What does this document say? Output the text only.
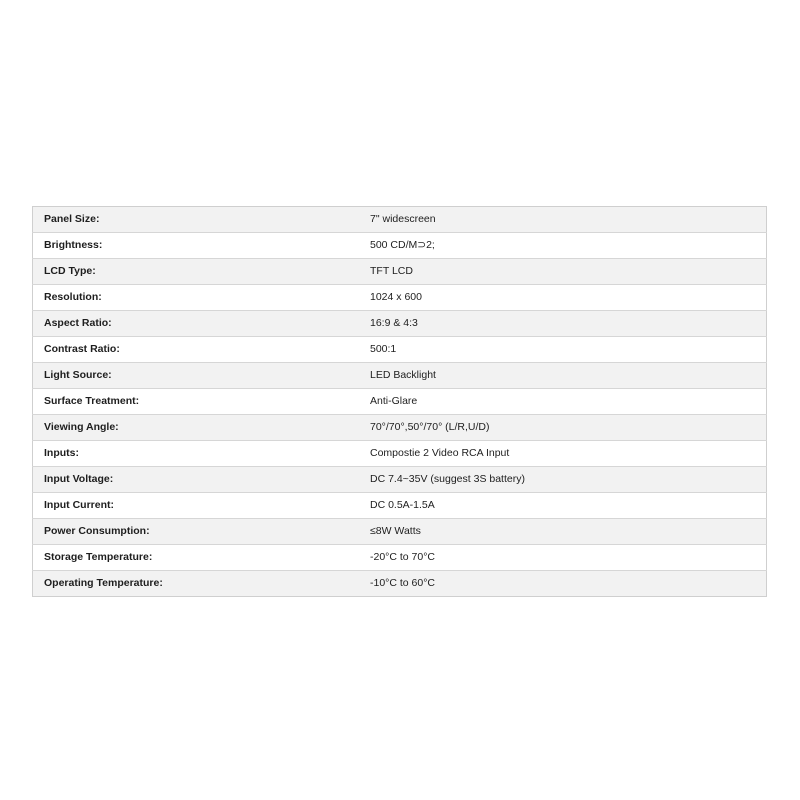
Panel Size:	7" widescreen
Brightness:	500 CD/M⊃2;
LCD Type:	TFT LCD
Resolution:	1024 x 600
Aspect Ratio:	16:9 & 4:3
Contrast Ratio:	500:1
Light Source:	LED Backlight
Surface Treatment:	Anti-Glare
Viewing Angle:	70°/70°,50°/70° (L/R,U/D)
Inputs:	Compostie 2 Video RCA Input
Input Voltage:	DC 7.4~35V (suggest 3S battery)
Input Current:	DC 0.5A-1.5A
Power Consumption:	≤8W Watts
Storage Temperature:	-20°C to 70°C
Operating Temperature:	-10°C to 60°C
